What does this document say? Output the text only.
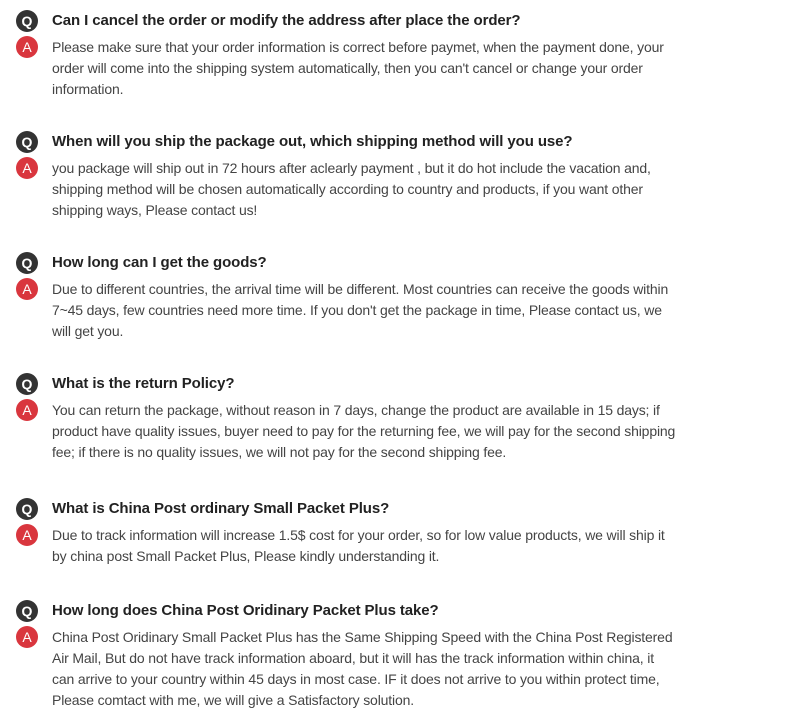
Q	Can I cancel the order or modify the address after place the order?
A	Please make sure that your order information is correct before paymet, when the payment done, your order will come into the shipping system automatically, then you can't cancel or change your order information.
Q	When will you ship the package out, which shipping method will you use?
A	you package will ship out in 72 hours after aclearly payment , but it do hot include the vacation and, shipping method will be chosen automatically according to country and products, if you want other shipping ways, Please contact us!
Q	How long can I get the goods?
A	Due to different countries, the arrival time will be different. Most countries can receive the goods within 7~45 days, few countries need more time. If you don't get the package in time, Please contact us, we will get you.
Q	What is the return Policy?
A	You can return the package, without reason in 7 days, change the product are available in 15 days; if product have quality issues, buyer need to pay for the returning fee, we will pay for the second shipping fee; if there is no quality issues, we will not pay for the second shipping fee.
Q	What is China Post ordinary Small Packet Plus?
A	Due to track information will increase 1.5$ cost for your order, so for low value products, we will ship it by china post Small Packet Plus, Please kindly understanding it.
Q	How long does China Post Oridinary Packet Plus take?
A	China Post Oridinary Small Packet Plus has the Same Shipping Speed with the China Post Registered Air Mail, But do not have track information aboard, but it will has the track information within china, it can arrive to your country within 45 days in most case. IF it does not arrive to you within protect time, Please comtact with me, we will give a Satisfactory solution.
